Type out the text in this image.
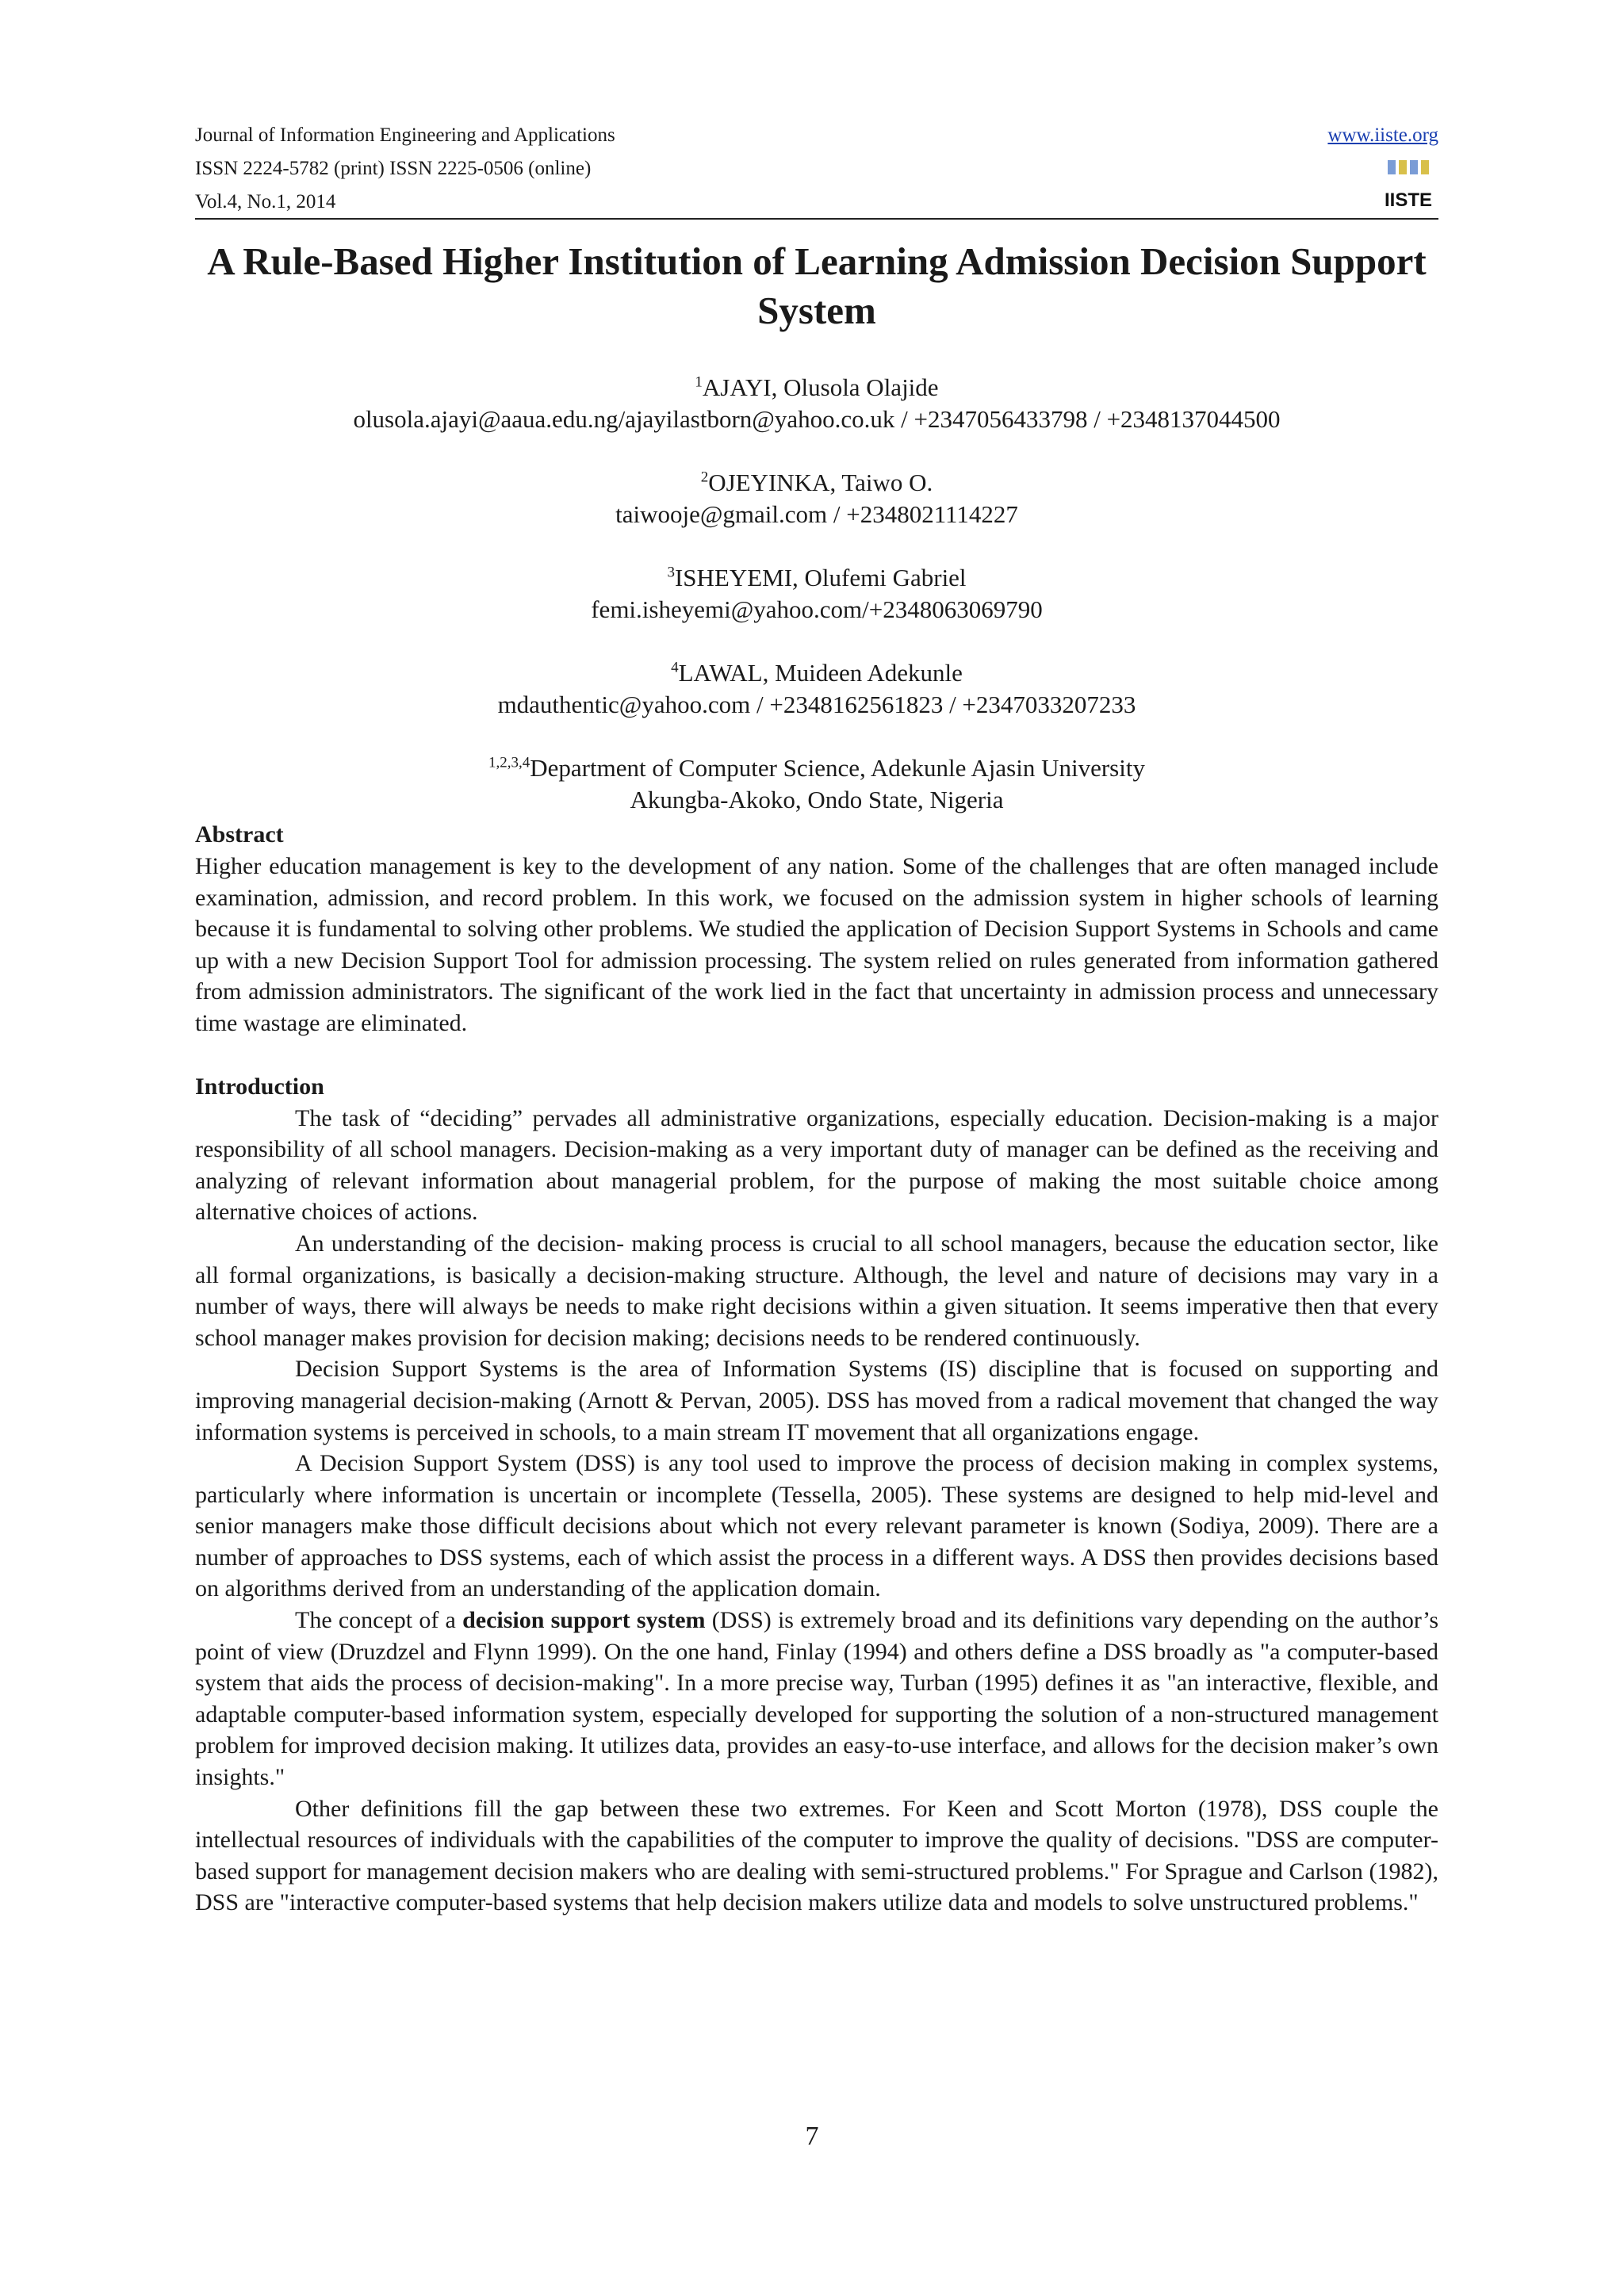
Journal of Information Engineering and Applications
ISSN 2224-5782 (print) ISSN 2225-0506 (online)
Vol.4, No.1, 2014
www.iiste.org
IISTE
A Rule-Based Higher Institution of Learning Admission Decision Support System
$^1$AJAYI, Olusola Olajide
olusola.ajayi@aaua.edu.ng/ajayilastborn@yahoo.co.uk / +2347056433798 / +2348137044500
$^2$OJEYINKA, Taiwo O.
taiwooje@gmail.com / +2348021114227
$^3$ISHEYEMI, Olufemi Gabriel
femi.isheyemi@yahoo.com/+2348063069790
$^4$LAWAL, Muideen Adekunle
mdauthentic@yahoo.com / +2348162561823 / +2347033207233
$^{1,2,3,4}$Department of Computer Science, Adekunle Ajasin University
Akungba-Akoko, Ondo State, Nigeria
Abstract

Higher education management is key to the development of any nation. Some of the challenges that are often managed include examination, admission, and record problem. In this work, we focused on the admission system in higher schools of learning because it is fundamental to solving other problems. We studied the application of Decision Support Systems in Schools and came up with a new Decision Support Tool for admission processing. The system relied on rules generated from information gathered from admission administrators. The significant of the work lied in the fact that uncertainty in admission process and unnecessary time wastage are eliminated.

Introduction

The task of “deciding” pervades all administrative organizations, especially education. Decision-making is a major responsibility of all school managers. Decision-making as a very important duty of manager can be defined as the receiving and analyzing of relevant information about managerial problem, for the purpose of making the most suitable choice among alternative choices of actions.

An understanding of the decision- making process is crucial to all school managers, because the education sector, like all formal organizations, is basically a decision-making structure. Although, the level and nature of decisions may vary in a number of ways, there will always be needs to make right decisions within a given situation. It seems imperative then that every school manager makes provision for decision making; decisions needs to be rendered continuously.

Decision Support Systems is the area of Information Systems (IS) discipline that is focused on supporting and improving managerial decision-making (Arnott & Pervan, 2005). DSS has moved from a radical movement that changed the way information systems is perceived in schools, to a main stream IT movement that all organizations engage.

A Decision Support System (DSS) is any tool used to improve the process of decision making in complex systems, particularly where information is uncertain or incomplete (Tessella, 2005). These systems are designed to help mid-level and senior managers make those difficult decisions about which not every relevant parameter is known (Sodiya, 2009). There are a number of approaches to DSS systems, each of which assist the process in a different ways. A DSS then provides decisions based on algorithms derived from an understanding of the application domain.

The concept of a decision support system (DSS) is extremely broad and its definitions vary depending on the author’s point of view (Druzdzel and Flynn 1999). On the one hand, Finlay (1994) and others define a DSS broadly as "a computer-based system that aids the process of decision-making". In a more precise way, Turban (1995) defines it as "an interactive, flexible, and adaptable computer-based information system, especially developed for supporting the solution of a non-structured management problem for improved decision making. It utilizes data, provides an easy-to-use interface, and allows for the decision maker’s own insights."

Other definitions fill the gap between these two extremes. For Keen and Scott Morton (1978), DSS couple the intellectual resources of individuals with the capabilities of the computer to improve the quality of decisions. "DSS are computer-based support for management decision makers who are dealing with semi-structured problems." For Sprague and Carlson (1982), DSS are "interactive computer-based systems that help decision makers utilize data and models to solve unstructured problems."

7
